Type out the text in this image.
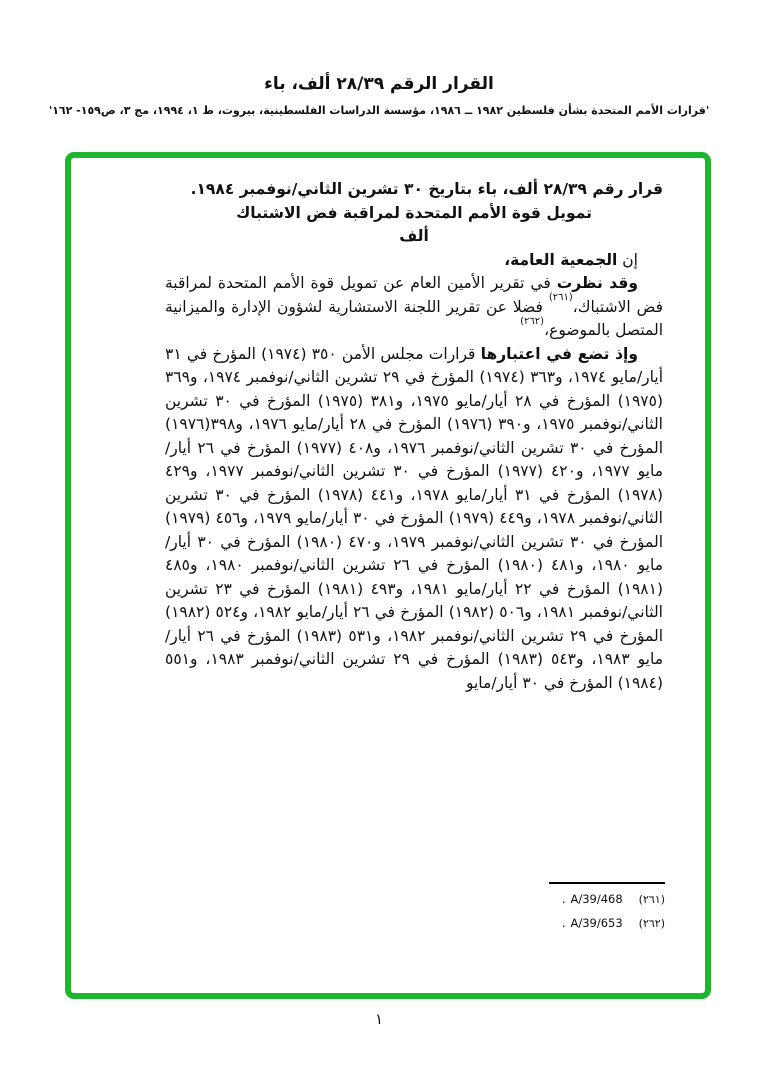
القرار الرقم ٢٨/٣٩ ألف، باء
'قرارات الأمم المتحدة بشأن فلسطين ١٩٨٢ ــ ١٩٨٦، مؤسسة الدراسات الفلسطينية، بيروت، ط ١، ١٩٩٤، مج ٣، ص١٥٩- ١٦٢'

قرار رقم ٢٨/٣٩ ألف، باء بتاريخ ٣٠ تشرين الثاني/نوفمبر ١٩٨٤.

تمويل قوة الأمم المتحدة لمراقبة فض الاشتباك
ألف

إن الجمعية العامة،

وقد نظرت في تقرير الأمين العام عن تمويل قوة الأمم المتحدة لمراقبة فض الاشتباك،$^{(٢٦١)}$ فضلا عن تقرير اللجنة الاستشارية لشؤون الإدارة والميزانية المتصل بالموضوع،$^{(٢٦٢)}$

وإذ تضع في اعتبارها قرارات مجلس الأمن ٣٥٠ (١٩٧٤) المؤرخ في ٣١ أيار/مايو ١٩٧٤، و٣٦٣ (١٩٧٤) المؤرخ في ٢٩ تشرين الثاني/نوفمبر ١٩٧٤، و٣٦٩ (١٩٧٥) المؤرخ في ٢٨ أيار/مايو ١٩٧٥، و٣٨١ (١٩٧٥) المؤرخ في ٣٠ تشرين الثاني/نوفمبر ١٩٧٥، و٣٩٠ (١٩٧٦) المؤرخ في ٢٨ أيار/مايو ١٩٧٦، و٣٩٨(١٩٧٦) المؤرخ في ٣٠ تشرين الثاني/نوفمبر ١٩٧٦، و٤٠٨ (١٩٧٧) المؤرخ في ٢٦ أيار/مايو ١٩٧٧، و٤٢٠ (١٩٧٧) المؤرخ في ٣٠ تشرين الثاني/نوفمبر ١٩٧٧، و٤٢٩ (١٩٧٨) المؤرخ في ٣١ أيار/مايو ١٩٧٨، و٤٤١ (١٩٧٨) المؤرخ في ٣٠ تشرين الثاني/نوفمبر ١٩٧٨، و٤٤٩ (١٩٧٩) المؤرخ في ٣٠ أيار/مايو ١٩٧٩، و٤٥٦ (١٩٧٩) المؤرخ في ٣٠ تشرين الثاني/نوفمبر ١٩٧٩، و٤٧٠ (١٩٨٠) المؤرخ في ٣٠ أيار/مايو ١٩٨٠، و٤٨١ (١٩٨٠) المؤرخ في ٢٦ تشرين الثاني/نوفمبر ١٩٨٠، و٤٨٥ (١٩٨١) المؤرخ في ٢٢ أيار/مايو ١٩٨١، و٤٩٣ (١٩٨١) المؤرخ في ٢٣ تشرين الثاني/نوفمبر ١٩٨١، و٥٠٦ (١٩٨٢) المؤرخ في ٢٦ أيار/مايو ١٩٨٢، و٥٢٤ (١٩٨٢) المؤرخ في ٢٩ تشرين الثاني/نوفمبر ١٩٨٢، و٥٣١ (١٩٨٣) المؤرخ في ٢٦ أيار/مايو ١٩٨٣، و٥٤٣ (١٩٨٣) المؤرخ في ٢٩ تشرين الثاني/نوفمبر ١٩٨٣، و٥٥١ (١٩٨٤) المؤرخ في ٣٠ أيار/مايو

(٢٦١)
A/39/468
.
(٢٦٢)
A/39/653
.
١
